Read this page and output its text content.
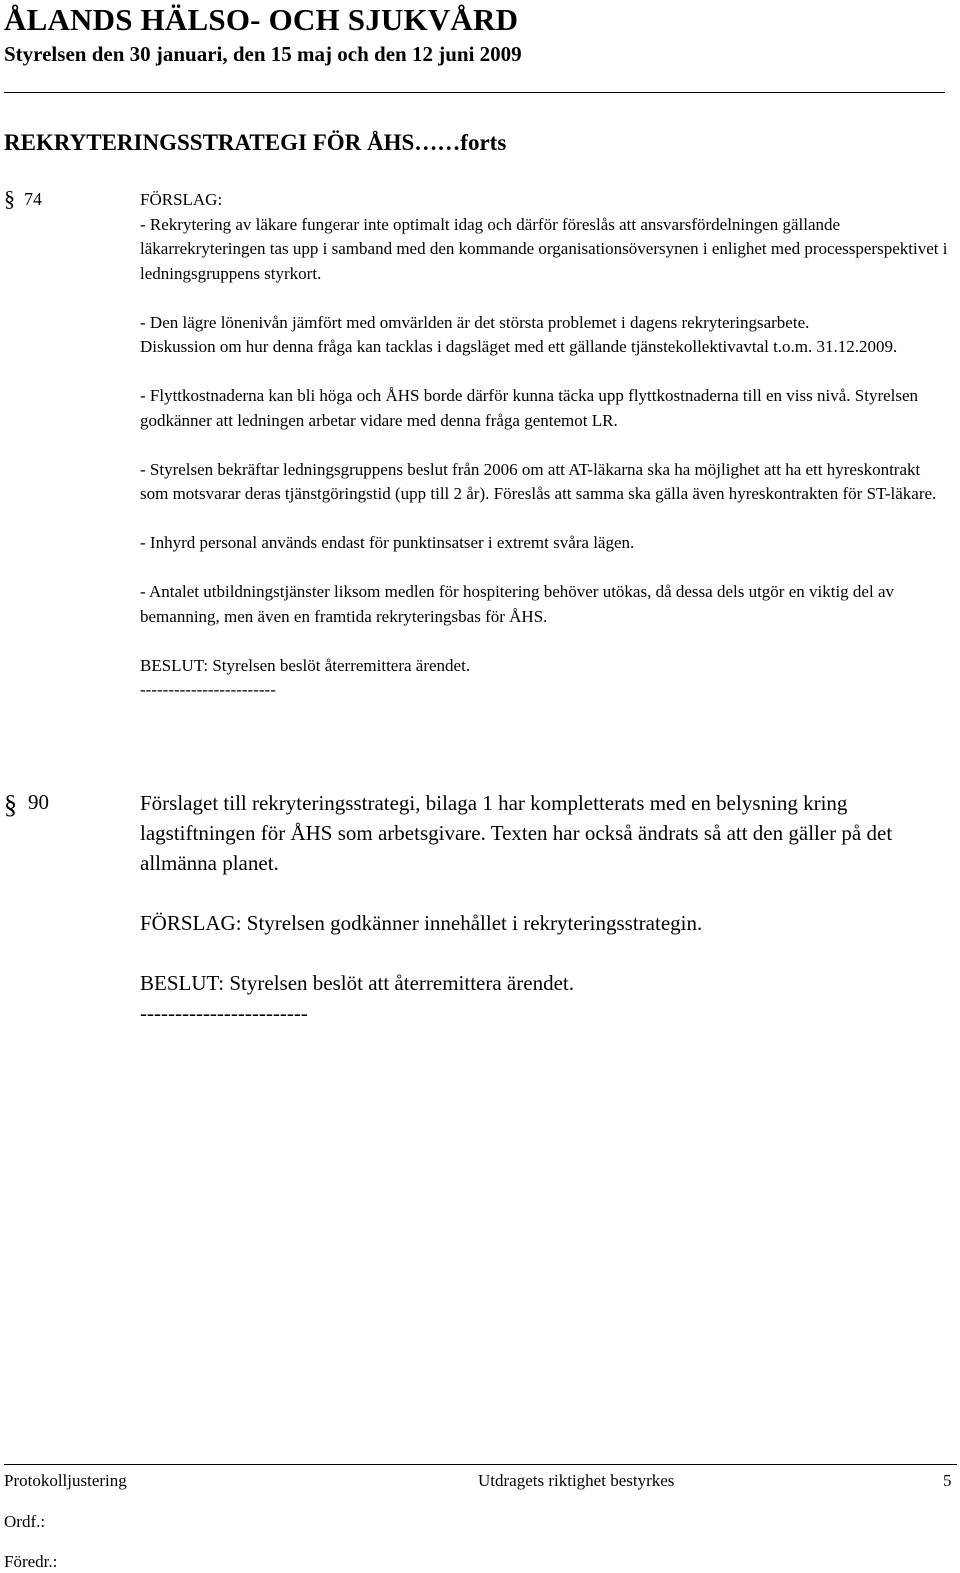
ÅLANDS HÄLSO- OCH SJUKVÅRD
Styrelsen den 30 januari, den 15 maj och den 12 juni 2009
REKRYTERINGSSTRATEGI FÖR ÅHS……forts
§ 74	FÖRSLAG:

- Rekrytering av läkare fungerar inte optimalt idag och därför föreslås att ansvarsfördelningen gällande läkarrekryteringen tas upp i samband med den kommande organisationsöversynen i enlighet med processperspektivet i ledningsgruppens styrkort.

- Den lägre lönenivån jämfört med omvärlden är det största problemet i dagens rekryteringsarbete.

Diskussion om hur denna fråga kan tacklas i dagsläget med ett gällande tjänstekollektivavtal t.o.m. 31.12.2009.

- Flyttkostnaderna kan bli höga och ÅHS borde därför kunna täcka upp flyttkostnaderna till en viss nivå. Styrelsen godkänner att ledningen arbetar vidare med denna fråga gentemot LR.

- Styrelsen bekräftar ledningsgruppens beslut från 2006 om att AT-läkarna ska ha möjlighet att ha ett hyreskontrakt som motsvarar deras tjänstgöringstid (upp till 2 år). Föreslås att samma ska gälla även hyreskontrakten för ST-läkare.

- Inhyrd personal används endast för punktinsatser i extremt svåra lägen.

- Antalet utbildningstjänster liksom medlen för hospitering behöver utökas, då dessa dels utgör en viktig del av bemanning, men även en framtida rekryteringsbas för ÅHS.

BESLUT: Styrelsen beslöt återremittera ärendet.

------------------------

§ 90	Förslaget till rekryteringsstrategi, bilaga 1 har kompletterats med en belysning kring lagstiftningen för ÅHS som arbetsgivare. Texten har också ändrats så att den gäller på det allmänna planet.

FÖRSLAG: Styrelsen godkänner innehållet i rekryteringsstrategin.

BESLUT: Styrelsen beslöt att återremittera ärendet.

------------------------

Protokolljustering	Utdragets riktighet bestyrkes	5
Ordf.:
Föredr.:
